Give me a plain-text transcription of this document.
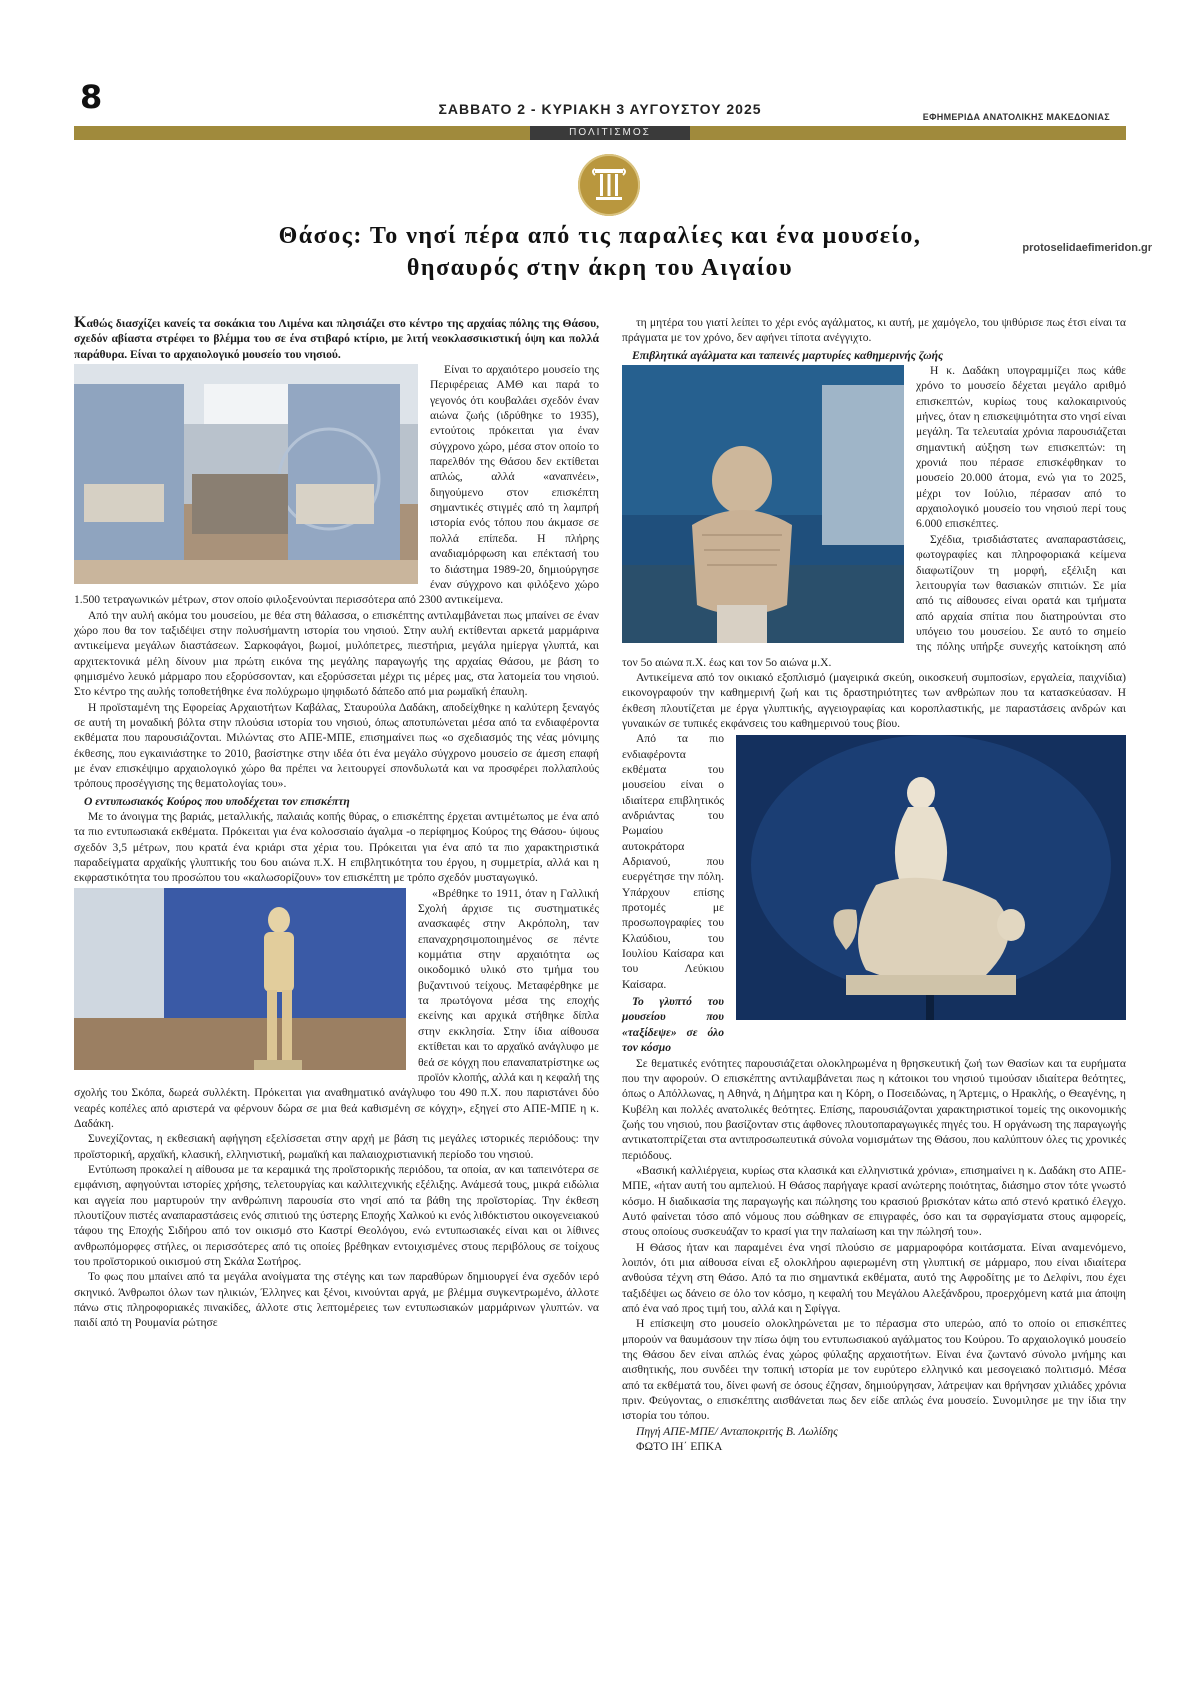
8	ΣΑΒΒΑΤΟ 2 - ΚΥΡΙΑΚΗ 3 ΑΥΓΟΥΣΤΟΥ 2025	ΕΦΗΜΕΡΙΔΑ ΑΝΑΤΟΛΙΚΗΣ ΜΑΚΕΔΟΝΙΑΣ
ΠΟΛΙΤΙΣΜΟΣ
Θάσος: Το νησί πέρα από τις παραλίες και ένα μουσείο,
θησαυρός στην άκρη του Αιγαίου
protoselidaefimeridon.gr

Καθώς διασχίζει κανείς τα σοκάκια του Λιμένα και πλησιάζει στο κέντρο της αρχαίας πόλης της Θάσου, σχεδόν αβίαστα στρέφει το βλέμμα του σε ένα στιβαρό κτίριο, με λιτή νεοκλασσικιστική όψη και πολλά παράθυρα. Είναι το αρχαιολογικό μουσείο του νησιού.

Είναι το αρχαιότερο μουσείο της Περιφέρειας ΑΜΘ και παρά το γεγονός ότι κουβαλάει σχεδόν έναν αιώνα ζωής (ιδρύθηκε το 1935), εντούτοις πρόκειται για έναν σύγχρονο χώρο, μέσα στον οποίο το παρελθόν της Θάσου δεν εκτίθεται απλώς, αλλά «αναπνέει», διηγούμενο στον επισκέπτη σημαντικές στιγμές από τη λαμπρή ιστορία ενός τόπου που άκμασε σε πολλά επίπεδα. Η πλήρης αναδιαμόρφωση και επέκτασή του το διάστημα 1989-20, δημιούργησε έναν σύγχρονο και φιλόξενο χώρο 1.500 τετραγωνικών μέτρων, στον οποίο φιλοξενούνται περισσότερα από 2300 αντικείμενα.

Από την αυλή ακόμα του μουσείου, με θέα στη θάλασσα, ο επισκέπτης αντιλαμβάνεται πως μπαίνει σε έναν χώρο που θα τον ταξιδέψει στην πολυσήμαντη ιστορία του νησιού. Στην αυλή εκτίθενται αρκετά μαρμάρινα αντικείμενα μεγάλων διαστάσεων. Σαρκοφάγοι, βωμοί, μυλόπετρες, πιεστήρια, μεγάλα ημίεργα γλυπτά, και αρχιτεκτονικά μέλη δίνουν μια πρώτη εικόνα της μεγάλης παραγωγής της αρχαίας Θάσου, με βάση το φημισμένο λευκό μάρμαρο που εξορύσσονταν, και εξορύσσεται μέχρι τις μέρες μας, στα λατομεία του νησιού. Στο κέντρο της αυλής τοποθετήθηκε ένα πολύχρωμο ψηφιδωτό δάπεδο από μια ρωμαϊκή έπαυλη.

Η προϊσταμένη της Εφορείας Αρχαιοτήτων Καβάλας, Σταυρούλα Δαδάκη, αποδείχθηκε η καλύτερη ξεναγός σε αυτή τη μοναδική βόλτα στην πλούσια ιστορία του νησιού, όπως αποτυπώνεται μέσα από τα ενδιαφέροντα εκθέματα που παρουσιάζονται. Μιλώντας στο ΑΠΕ-ΜΠΕ, επισημαίνει πως «ο σχεδιασμός της νέας μόνιμης έκθεσης, που εγκαινιάστηκε το 2010, βασίστηκε στην ιδέα ότι ένα μεγάλο σύγχρονο μουσείο σε άμεση επαφή με έναν επισκέψιμο αρχαιολογικό χώρο θα πρέπει να λειτουργεί σπονδυλωτά και να προσφέρει πολλαπλούς τρόπους προσέγγισης της θεματολογίας του».

Ο εντυπωσιακός Κούρος που υποδέχεται τον επισκέπτη

Με το άνοιγμα της βαριάς, μεταλλικής, παλαιάς κοπής θύρας, ο επισκέπτης έρχεται αντιμέτωπος με ένα από τα πιο εντυπωσιακά εκθέματα. Πρόκειται για ένα κολοσσιαίο άγαλμα -ο περίφημος Κούρος της Θάσου- ύψους σχεδόν 3,5 μέτρων, που κρατά ένα κριάρι στα χέρια του. Πρόκειται για ένα από τα πιο χαρακτηριστικά παραδείγματα αρχαϊκής γλυπτικής του 6ου αιώνα π.Χ. Η επιβλητικότητα του έργου, η συμμετρία, αλλά και η εκφραστικότητα του προσώπου του «καλωσορίζουν» τον επισκέπτη με τρόπο σχεδόν μυσταγωγικό.

«Βρέθηκε το 1911, όταν η Γαλλική Σχολή άρχισε τις συστηματικές ανασκαφές στην Ακρόπολη, ταν επαναχρησιμοποιημένος σε πέντε κομμάτια στην αρχαιότητα ως οικοδομικό υλικό στο τμήμα του βυζαντινού τείχους. Μεταφέρθηκε με τα πρωτόγονα μέσα της εποχής εκείνης και αρχικά στήθηκε δίπλα στην εκκλησία. Στην ίδια αίθουσα εκτίθεται και το αρχαϊκό ανάγλυφο με θεά σε κόγχη που επαναπατρίστηκε ως προϊόν κλοπής, αλλά και η κεφαλή της σχολής του Σκόπα, δωρεά συλλέκτη. Πρόκειται για αναθηματικό ανάγλυφο του 490 π.Χ. που παριστάνει δύο νεαρές κοπέλες από αριστερά να φέρνουν δώρα σε μια θεά καθισμένη σε κόγχη», εξηγεί στο ΑΠΕ-ΜΠΕ η κ. Δαδάκη.

Συνεχίζοντας, η εκθεσιακή αφήγηση εξελίσσεται στην αρχή με βάση τις μεγάλες ιστορικές περιόδους: την προϊστορική, αρχαϊκή, κλασική, ελληνιστική, ρωμαϊκή και παλαιοχριστιανική περίοδο του νησιού.

Εντύπωση προκαλεί η αίθουσα με τα κεραμικά της προϊστορικής περιόδου, τα οποία, αν και ταπεινότερα σε εμφάνιση, αφηγούνται ιστορίες χρήσης, τελετουργίας και καλλιτεχνικής εξέλιξης. Ανάμεσά τους, μικρά ειδώλια και αγγεία που μαρτυρούν την ανθρώπινη παρουσία στο νησί από τα βάθη της προϊστορίας. Την έκθεση πλουτίζουν πιστές αναπαραστάσεις ενός σπιτιού της ύστερης Εποχής Χαλκού κι ενός λιθόκτιστου οικογενειακού τάφου της Εποχής Σιδήρου από τον οικισμό στο Καστρί Θεολόγου, ενώ εντυπωσιακές είναι και οι λίθινες ανθρωπόμορφες στήλες, οι περισσότερες από τις οποίες βρέθηκαν εντοιχισμένες στους περιβόλους σε τοίχους του προϊστορικού οικισμού στη Σκάλα Σωτήρος.

Το φως που μπαίνει από τα μεγάλα ανοίγματα της στέγης και των παραθύρων δημιουργεί ένα σχεδόν ιερό σκηνικό. Άνθρωποι όλων των ηλικιών, Έλληνες και ξένοι, κινούνται αργά, με βλέμμα συγκεντρωμένο, άλλοτε πάνω στις πληροφοριακές πινακίδες, άλλοτε στις λεπτομέρειες των εντυπωσιακών μαρμάρινων γλυπτών. να παιδί από τη Ρουμανία ρώτησε

τη μητέρα του γιατί λείπει το χέρι ενός αγάλματος, κι αυτή, με χαμόγελο, του ψιθύρισε πως έτσι είναι τα πράγματα με τον χρόνο, δεν αφήνει τίποτα ανέγγιχτο.

Επιβλητικά αγάλματα και ταπεινές μαρτυρίες καθημερινής ζωής

Η κ. Δαδάκη υπογραμμίζει πως κάθε χρόνο το μουσείο δέχεται μεγάλο αριθμό επισκεπτών, κυρίως τους καλοκαιρινούς μήνες, όταν η επισκεψιμότητα στο νησί είναι μεγάλη. Τα τελευταία χρόνια παρουσιάζεται σημαντική αύξηση των επισκεπτών: τη χρονιά που πέρασε επισκέφθηκαν το μουσείο 20.000 άτομα, ενώ για το 2025, μέχρι τον Ιούλιο, πέρασαν από το αρχαιολογικό μουσείο του νησιού περί τους 6.000 επισκέπτες.

Σχέδια, τρισδιάστατες αναπαραστάσεις, φωτογραφίες και πληροφοριακά κείμενα διαφωτίζουν τη μορφή, εξέλιξη και λειτουργία των θασιακών σπιτιών. Σε μία από τις αίθουσες είναι ορατά και τμήματα από αρχαία σπίτια που διατηρούνται στο υπόγειο του μουσείου. Σε αυτό το σημείο της πόλης υπήρξε συνεχής κατοίκηση από τον 5ο αιώνα π.Χ. έως και τον 5ο αιώνα μ.Χ.

Αντικείμενα από τον οικιακό εξοπλισμό (μαγειρικά σκεύη, οικοσκευή συμποσίων, εργαλεία, παιχνίδια) εικονογραφούν την καθημερινή ζωή και τις δραστηριότητες των ανθρώπων που τα κατασκεύασαν. Η έκθεση πλουτίζεται με έργα γλυπτικής, αγγειογραφίας και κοροπλαστικής, με παραστάσεις ανδρών και γυναικών σε τυπικές εκφάνσεις του καθημερινού τους βίου.

Από τα πιο ενδιαφέροντα εκθέματα του μουσείου είναι ο ιδιαίτερα επιβλητικός ανδριάντας του Ρωμαίου αυτοκράτορα Αδριανού, που ευεργέτησε την πόλη. Υπάρχουν επίσης προτομές με προσωπογραφίες του Κλαύδιου, του Ιουλίου Καίσαρα και του Λεύκιου Καίσαρα.

Το γλυπτό του μουσείου που «ταξίδεψε» σε όλο τον κόσμο

Σε θεματικές ενότητες παρουσιάζεται ολοκληρωμένα η θρησκευτική ζωή των Θασίων και τα ευρήματα που την αφορούν. Ο επισκέπτης αντιλαμβάνεται πως η κάτοικοι του νησιού τιμούσαν ιδιαίτερα θεότητες, όπως ο Απόλλωνας, η Αθηνά, η Δήμητρα και η Κόρη, ο Ποσειδώνας, η Άρτεμις, ο Ηρακλής, ο Θεαγένης, η Κυβέλη και πολλές ανατολικές θεότητες. Επίσης, παρουσιάζονται χαρακτηριστικοί τομείς της οικονομικής ζωής του νησιού, που βασίζονταν στις άφθονες πλουτοπαραγωγικές πηγές του. Η οργάνωση της παραγωγής αντικατοπτρίζεται στα αντιπροσωπευτικά σύνολα νομισμάτων της Θάσου, που καλύπτουν όλες τις χρονικές περιόδους.

«Βασική καλλιέργεια, κυρίως στα κλασικά και ελληνιστικά χρόνια», επισημαίνει η κ. Δαδάκη στο ΑΠΕ-ΜΠΕ, «ήταν αυτή του αμπελιού. Η Θάσος παρήγαγε κρασί ανώτερης ποιότητας, διάσημο στον τότε γνωστό κόσμο. Η διαδικασία της παραγωγής και πώλησης του κρασιού βρισκόταν κάτω από στενό κρατικό έλεγχο. Αυτό φαίνεται τόσο από νόμους που σώθηκαν σε επιγραφές, όσο και τα σφραγίσματα στους αμφορείς, στους οποίους συσκευάζαν το κρασί για την παλαίωση και την πώλησή του».

Η Θάσος ήταν και παραμένει ένα νησί πλούσιο σε μαρμαροφόρα κοιτάσματα. Είναι αναμενόμενο, λοιπόν, ότι μια αίθουσα είναι εξ ολοκλήρου αφιερωμένη στη γλυπτική σε μάρμαρο, που είναι ιδιαίτερα ανθούσα τέχνη στη Θάσο. Από τα πιο σημαντικά εκθέματα, αυτό της Αφροδίτης με το Δελφίνι, που έχει ταξιδέψει ως δάνειο σε όλο τον κόσμο, η κεφαλή του Μεγάλου Αλεξάνδρου, προερχόμενη κατά μια άποψη από ένα ναό προς τιμή του, αλλά και η Σφίγγα.

Η επίσκεψη στο μουσείο ολοκληρώνεται με το πέρασμα στο υπερώο, από το οποίο οι επισκέπτες μπορούν να θαυμάσουν την πίσω όψη του εντυπωσιακού αγάλματος του Κούρου. Το αρχαιολογικό μουσείο της Θάσου δεν είναι απλώς ένας χώρος φύλαξης αρχαιοτήτων. Είναι ένα ζωντανό σύνολο μνήμης και αισθητικής, που συνδέει την τοπική ιστορία με τον ευρύτερο ελληνικό και μεσογειακό πολιτισμό. Μέσα από τα εκθέματά του, δίνει φωνή σε όσους έζησαν, δημιούργησαν, λάτρεψαν και θρήνησαν χιλιάδες χρόνια πριν. Φεύγοντας, ο επισκέπτης αισθάνεται πως δεν είδε απλώς ένα μουσείο. Συνομιλησε με την ίδια την ιστορία του τόπου.

Πηγή ΑΠΕ-ΜΠΕ/ Ανταποκριτής Β. Λωλίδης

ΦΩΤΟ ΙΗ΄ ΕΠΚΑ
